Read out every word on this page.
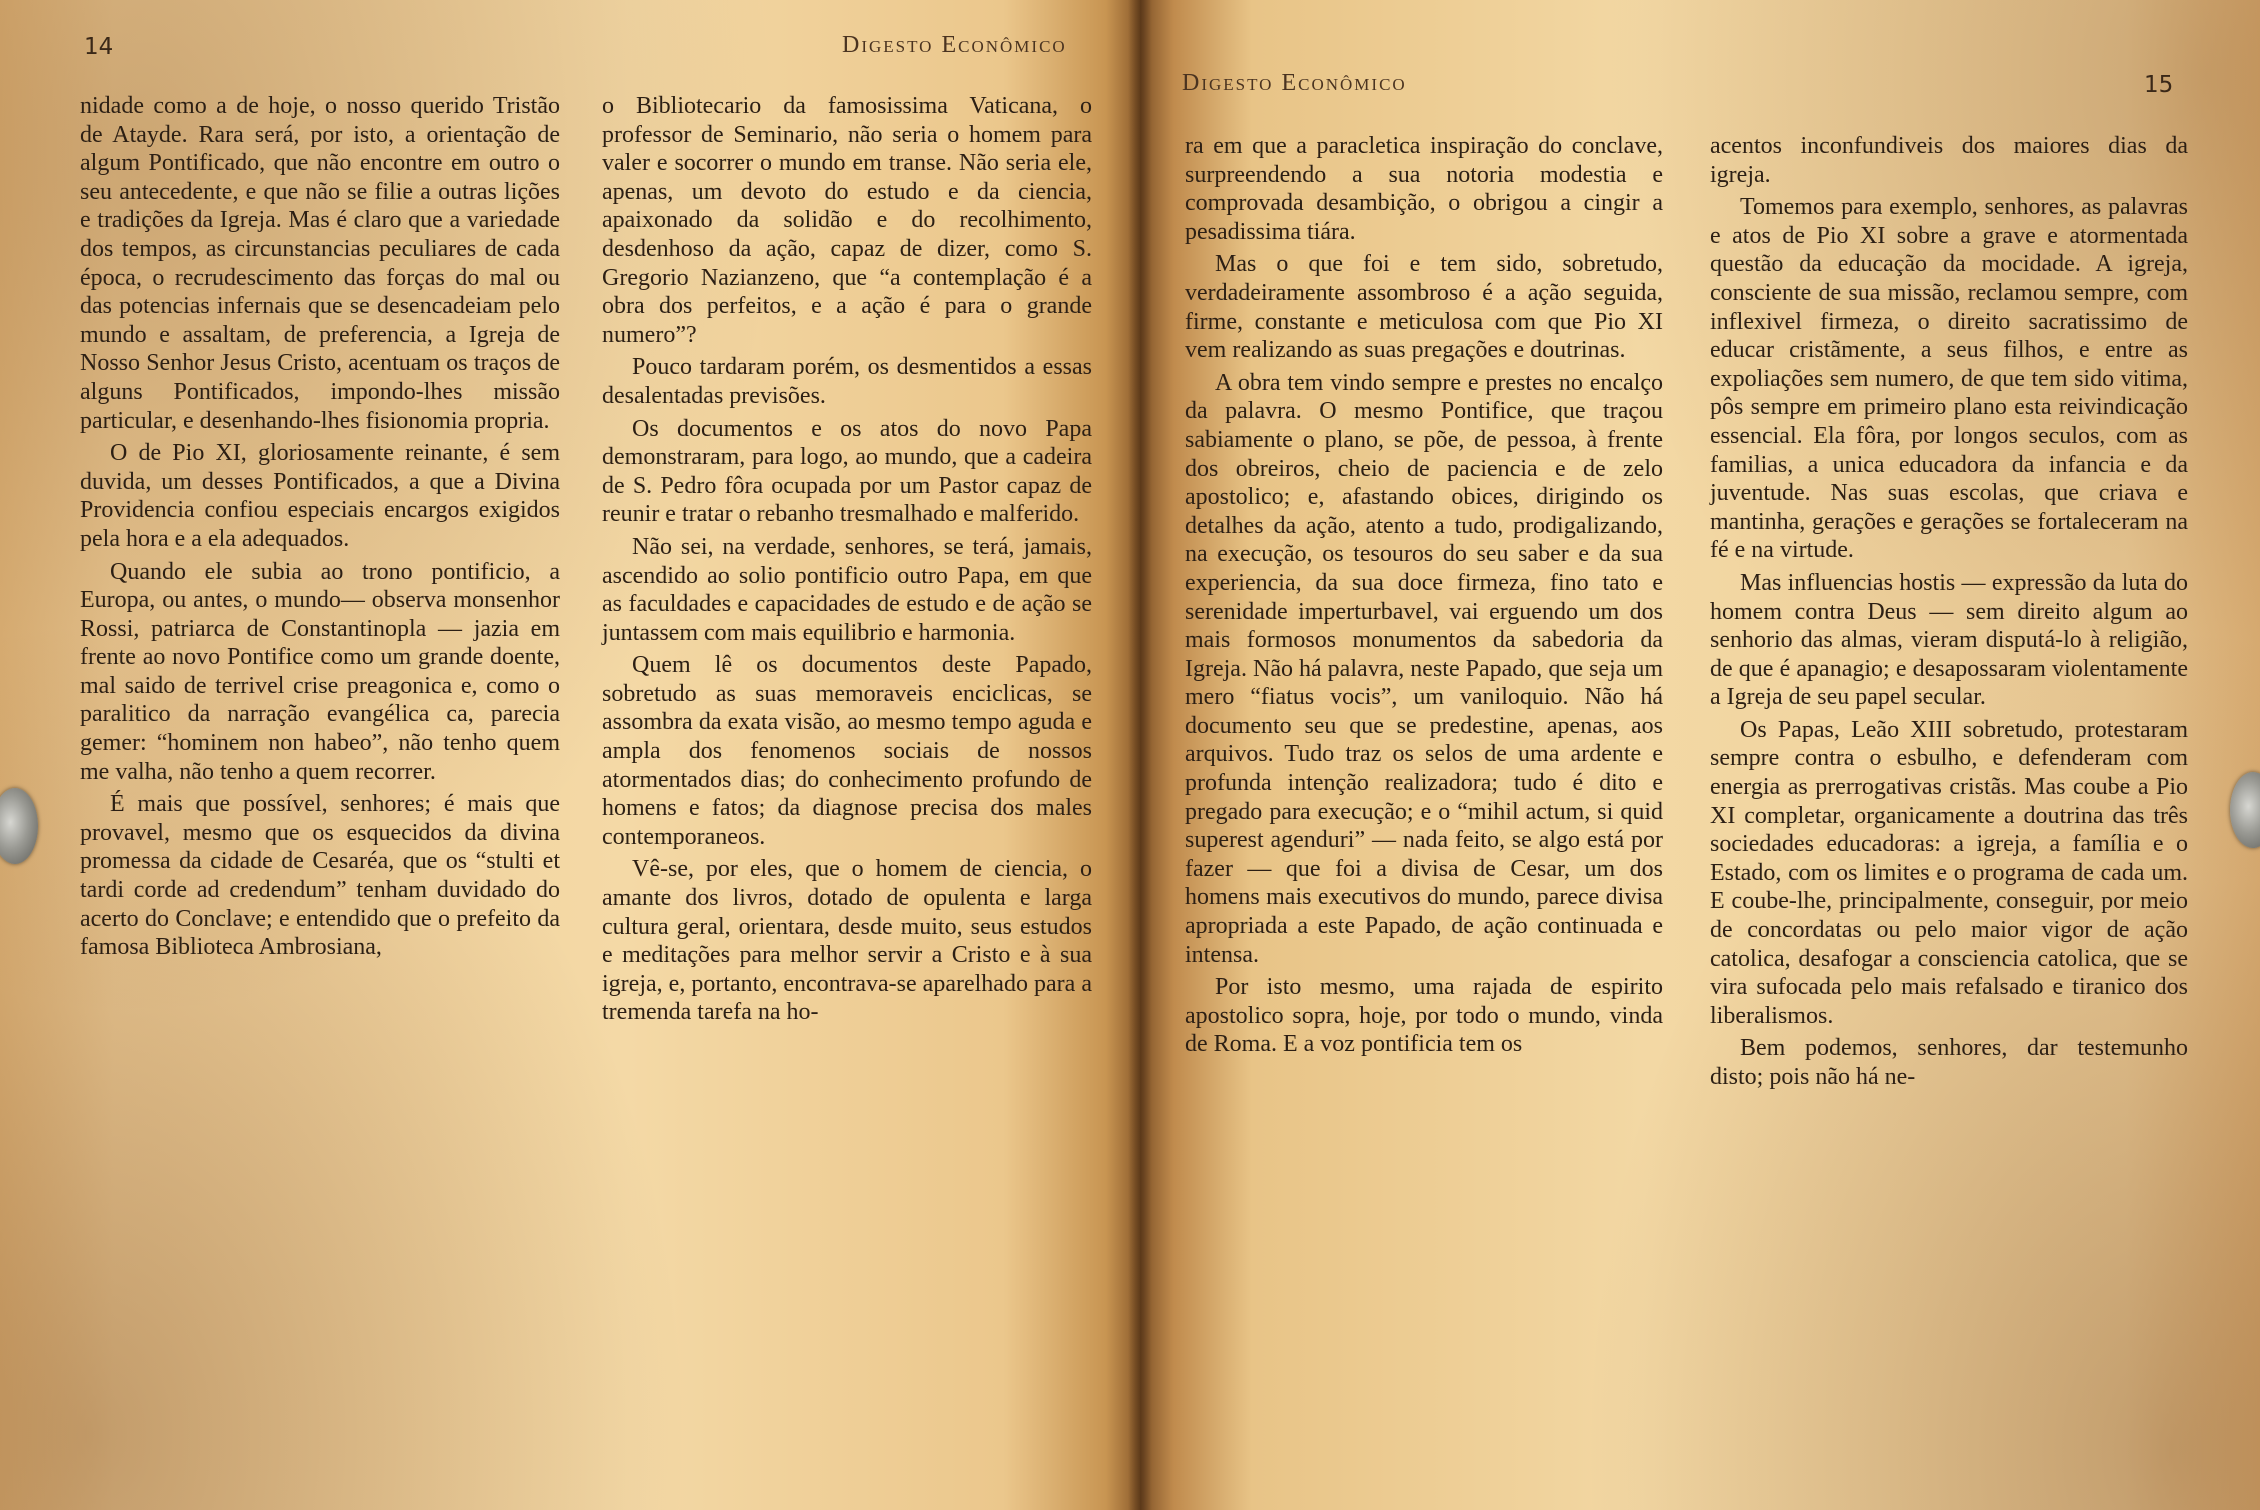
14	Digesto Econômico

nidade como a de hoje, o nosso querido Tristão de Atayde. Rara será, por isto, a orientação de algum Pontificado, que não encontre em outro o seu antecedente, e que não se filie a outras lições e tradições da Igreja. Mas é claro que a variedade dos tempos, as circunstancias peculiares de cada época, o recrudescimento das forças do mal ou das potencias infernais que se desencadeiam pelo mundo e assaltam, de preferencia, a Igreja de Nosso Senhor Jesus Cristo, acentuam os traços de alguns Pontificados, impondo-lhes missão particular, e desenhando-lhes fisionomia propria.

O de Pio XI, gloriosamente reinante, é sem duvida, um desses Pontificados, a que a Divina Providencia confiou especiais encargos exigidos pela hora e a ela adequados.

Quando ele subia ao trono pontificio, a Europa, ou antes, o mundo— observa monsenhor Rossi, patriarca de Constantinopla — jazia em frente ao novo Pontifice como um grande doente, mal saido de terrivel crise preagonica e, como o paralitico da narração evangélica ca, parecia gemer: “hominem non habeo”, não tenho quem me valha, não tenho a quem recorrer.

É mais que possível, senhores; é mais que provavel, mesmo que os esquecidos da divina promessa da cidade de Cesaréa, que os “stulti et tardi corde ad credendum” tenham duvidado do acerto do Conclave; e entendido que o prefeito da famosa Biblioteca Ambrosiana,

o Bibliotecario da famosissima Vaticana, o professor de Seminario, não seria o homem para valer e socorrer o mundo em transe. Não seria ele, apenas, um devoto do estudo e da ciencia, apaixonado da solidão e do recolhimento, desdenhoso da ação, capaz de dizer, como S. Gregorio Nazianzeno, que “a contemplação é a obra dos perfeitos, e a ação é para o grande numero”?

Pouco tardaram porém, os desmentidos a essas desalentadas previsões.

Os documentos e os atos do novo Papa demonstraram, para logo, ao mundo, que a cadeira de S. Pedro fôra ocupada por um Pastor capaz de reunir e tratar o rebanho tresmalhado e malferido.

Não sei, na verdade, senhores, se terá, jamais, ascendido ao solio pontificio outro Papa, em que as faculdades e capacidades de estudo e de ação se juntassem com mais equilibrio e harmonia.

Quem lê os documentos deste Papado, sobretudo as suas memoraveis enciclicas, se assombra da exata visão, ao mesmo tempo aguda e ampla dos fenomenos sociais de nossos atormentados dias; do conhecimento profundo de homens e fatos; da diagnose precisa dos males contemporaneos.

Vê-se, por eles, que o homem de ciencia, o amante dos livros, dotado de opulenta e larga cultura geral, orientara, desde muito, seus estudos e meditações para melhor servir a Cristo e à sua igreja, e, portanto, encontrava-se aparelhado para a tremenda tarefa na ho-

Digesto Econômico	15

ra em que a paracletica inspiração do conclave, surpreendendo a sua notoria modestia e comprovada desambição, o obrigou a cingir a pesadissima tiára.

Mas o que foi e tem sido, sobretudo, verdadeiramente assombroso é a ação seguida, firme, constante e meticulosa com que Pio XI vem realizando as suas pregações e doutrinas.

A obra tem vindo sempre e prestes no encalço da palavra. O mesmo Pontifice, que traçou sabiamente o plano, se põe, de pessoa, à frente dos obreiros, cheio de paciencia e de zelo apostolico; e, afastando obices, dirigindo os detalhes da ação, atento a tudo, prodigalizando, na execução, os tesouros do seu saber e da sua experiencia, da sua doce firmeza, fino tato e serenidade imperturbavel, vai erguendo um dos mais formosos monumentos da sabedoria da Igreja. Não há palavra, neste Papado, que seja um mero “fiatus vocis”, um vaniloquio. Não há documento seu que se predestine, apenas, aos arquivos. Tudo traz os selos de uma ardente e profunda intenção realizadora; tudo é dito e pregado para execução; e o “mihil actum, si quid superest agenduri” — nada feito, se algo está por fazer — que foi a divisa de Cesar, um dos homens mais executivos do mundo, parece divisa apropriada a este Papado, de ação continuada e intensa.

Por isto mesmo, uma rajada de espirito apostolico sopra, hoje, por todo o mundo, vinda de Roma. E a voz pontificia tem os

acentos inconfundiveis dos maiores dias da igreja.

Tomemos para exemplo, senhores, as palavras e atos de Pio XI sobre a grave e atormentada questão da educação da mocidade. A igreja, consciente de sua missão, reclamou sempre, com inflexivel firmeza, o direito sacratissimo de educar cristãmente, a seus filhos, e entre as expoliações sem numero, de que tem sido vitima, pôs sempre em primeiro plano esta reivindicação essencial. Ela fôra, por longos seculos, com as familias, a unica educadora da infancia e da juventude. Nas suas escolas, que criava e mantinha, gerações e gerações se fortaleceram na fé e na virtude.

Mas influencias hostis — expressão da luta do homem contra Deus — sem direito algum ao senhorio das almas, vieram disputá-lo à religião, de que é apanagio; e desapossaram violentamente a Igreja de seu papel secular.

Os Papas, Leão XIII sobretudo, protestaram sempre contra o esbulho, e defenderam com energia as prerrogativas cristãs. Mas coube a Pio XI completar, organicamente a doutrina das três sociedades educadoras: a igreja, a família e o Estado, com os limites e o programa de cada um. E coube-lhe, principalmente, conseguir, por meio de concordatas ou pelo maior vigor de ação catolica, desafogar a consciencia catolica, que se vira sufocada pelo mais refalsado e tiranico dos liberalismos.

Bem podemos, senhores, dar testemunho disto; pois não há ne-
